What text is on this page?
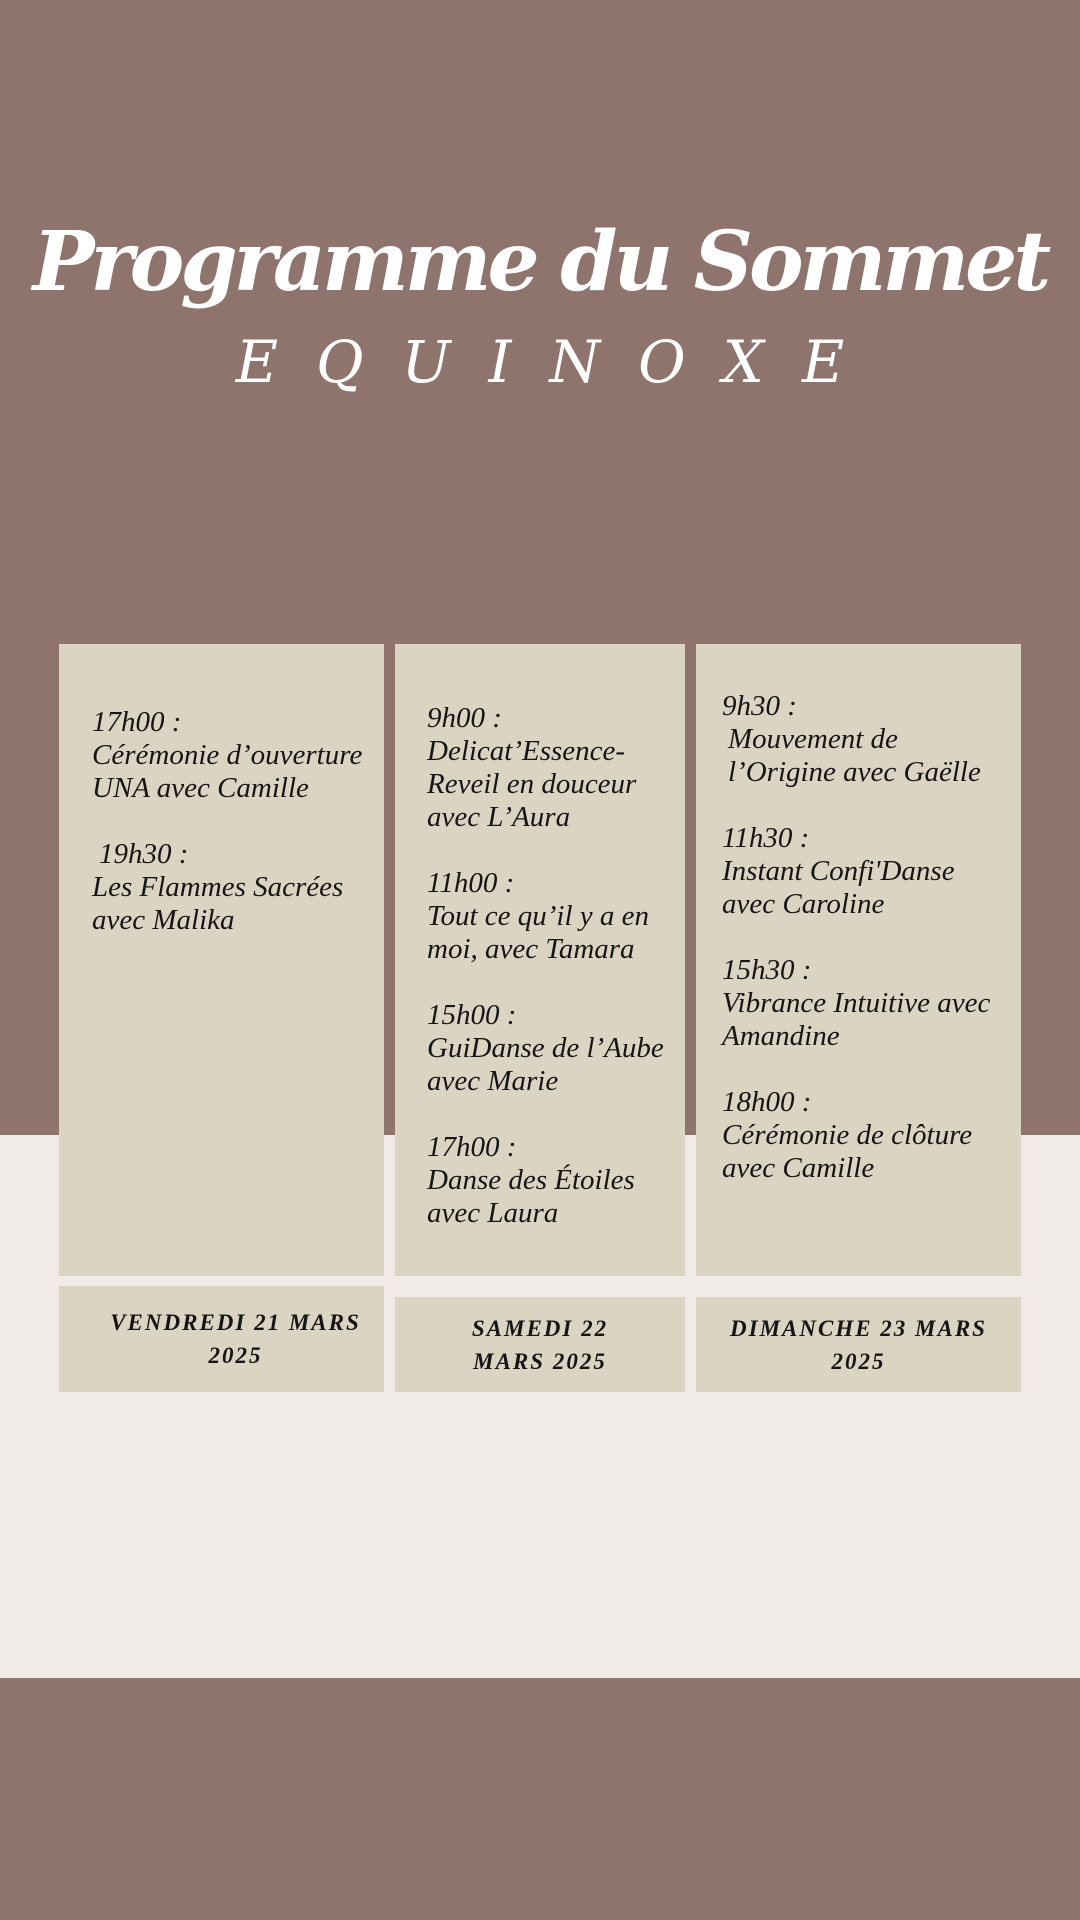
Programme du Sommet
EQUINOXE
17h00 :
Cérémonie d’ouverture UNA avec Camille
19h30 :
Les Flammes Sacrées avec Malika
9h00 :
Delicat’Essence-Reveil en douceur avec L’Aura
11h00 :
Tout ce qu’il y a en moi, avec Tamara
15h00 :
GuiDanse de l’Aube avec Marie
17h00 :
Danse des Étoiles avec Laura
9h30 :
Mouvement de l’Origine avec Gaëlle
11h30 :
Instant Confi'Danse avec Caroline
15h30 :
Vibrance Intuitive avec Amandine
18h00 :
Cérémonie de clôture avec Camille
VENDREDI 21 MARS
2025
SAMEDI 22
MARS 2025
DIMANCHE 23 MARS
2025
